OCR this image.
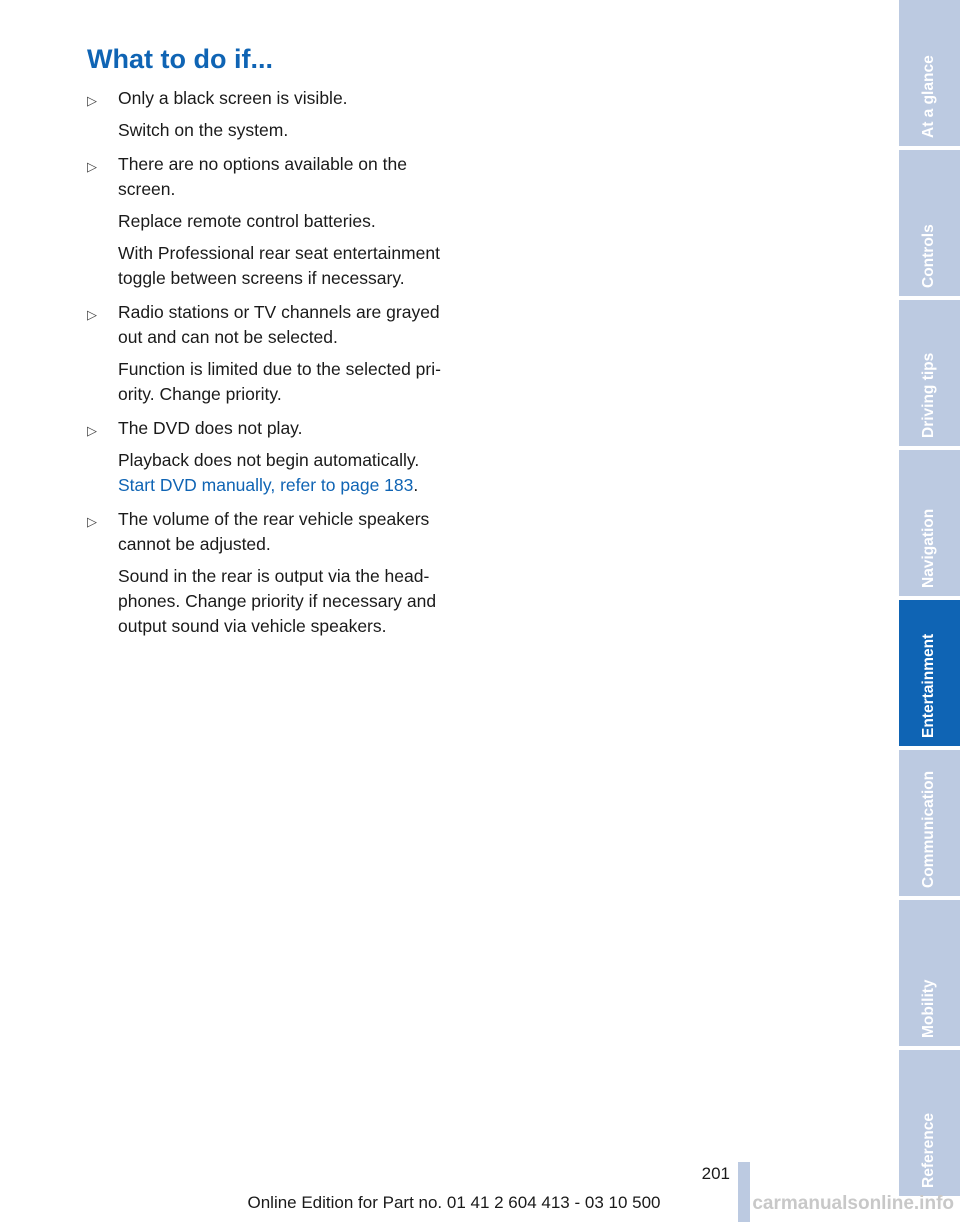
What to do if...
▷	Only a black screen is visible.

Switch on the system.

▷	There are no options available on the screen.

Replace remote control batteries.

With Professional rear seat entertainment toggle between screens if necessary.

▷	Radio stations or TV channels are grayed out and can not be selected.

Function is limited due to the selected priority. Change priority.

▷	The DVD does not play.

Playback does not begin automatically.
Start DVD manually, refer to page 183.

▷	The volume of the rear vehicle speakers cannot be adjusted.

Sound in the rear is output via the headphones. Change priority if necessary and output sound via vehicle speakers.

At a glance
Controls
Driving tips
Navigation
Entertainment
Communication
Mobility
Reference
201
Online Edition for Part no. 01 41 2 604 413 - 03 10 500	carmanualsonline.info
